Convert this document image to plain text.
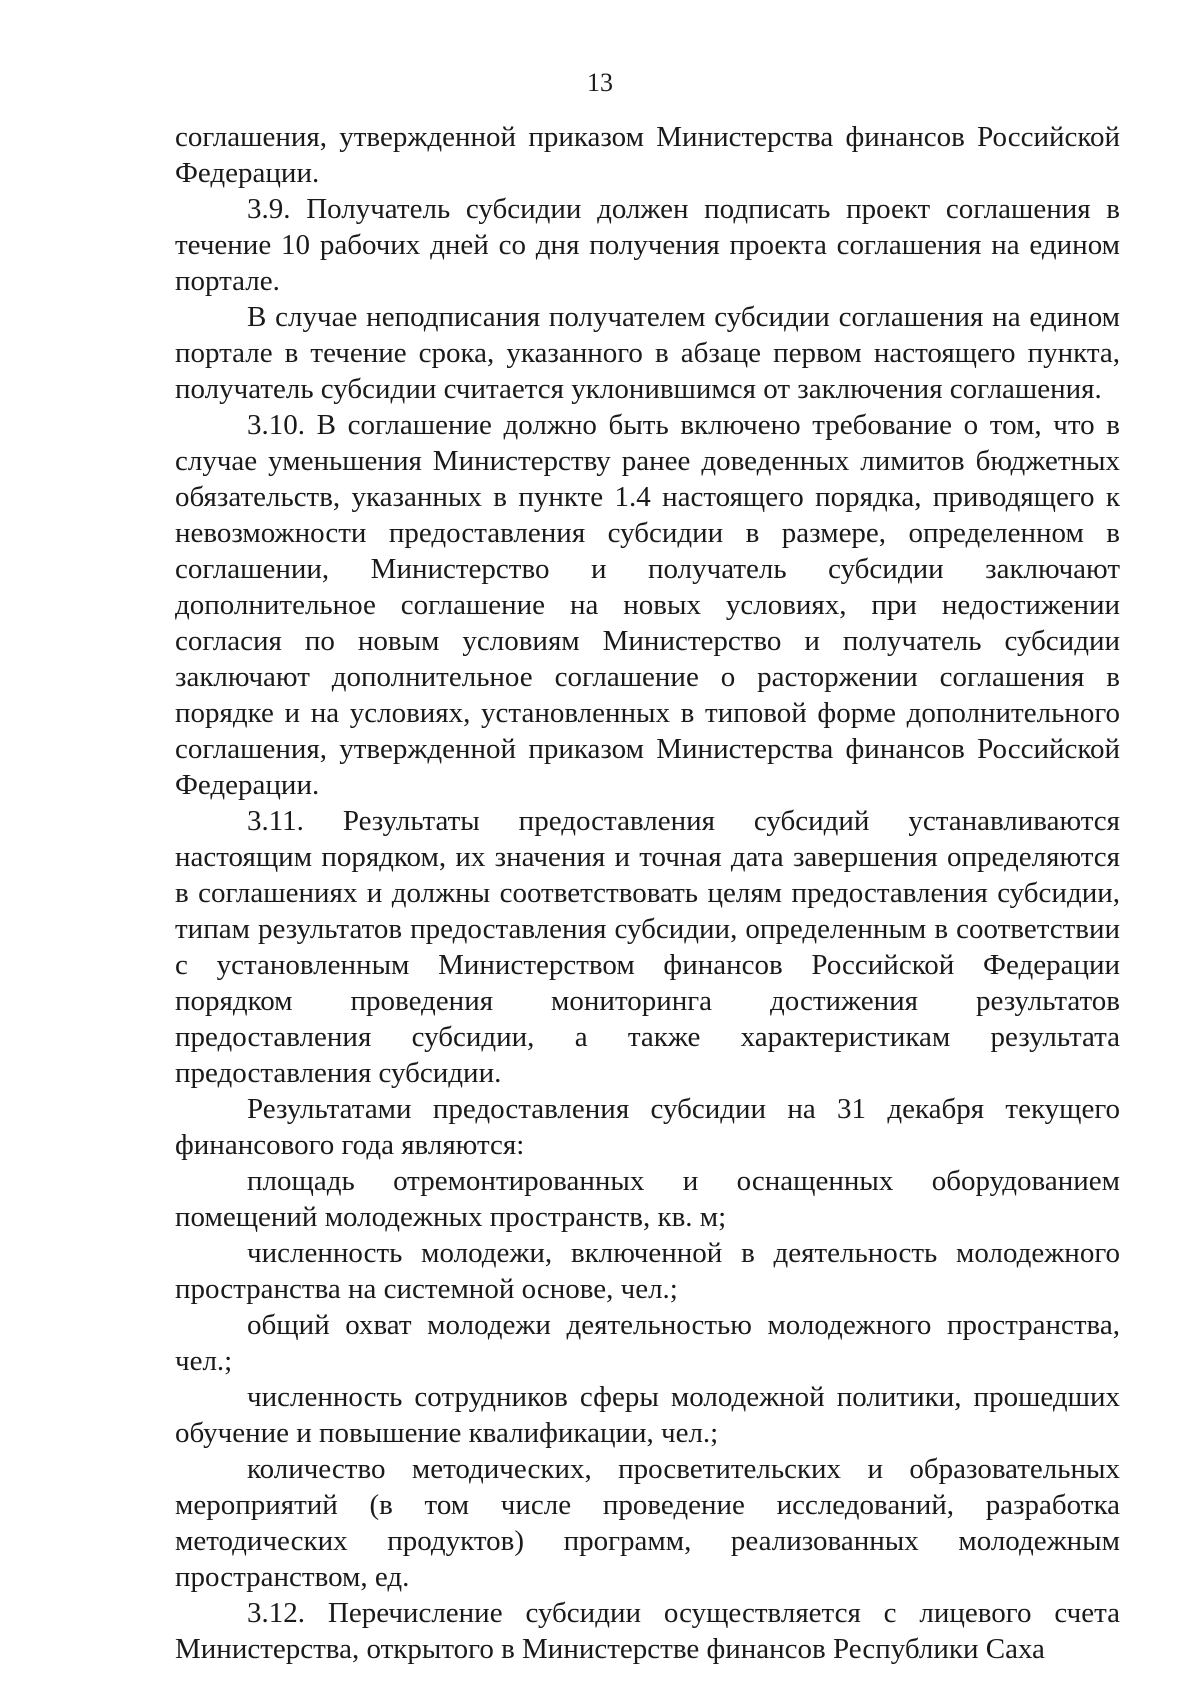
13

соглашения, утвержденной приказом Министерства финансов Российской Федерации.

3.9. Получатель субсидии должен подписать проект соглашения в течение 10 рабочих дней со дня получения проекта соглашения на едином портале.

В случае неподписания получателем субсидии соглашения на едином портале в течение срока, указанного в абзаце первом настоящего пункта, получатель субсидии считается уклонившимся от заключения соглашения.

3.10. В соглашение должно быть включено требование о том, что в случае уменьшения Министерству ранее доведенных лимитов бюджетных обязательств, указанных в пункте 1.4 настоящего порядка, приводящего к невозможности предоставления субсидии в размере, определенном в соглашении, Министерство и получатель субсидии заключают дополнительное соглашение на новых условиях, при недостижении согласия по новым условиям Министерство и получатель субсидии заключают дополнительное соглашение о расторжении соглашения в порядке и на условиях, установленных в типовой форме дополнительного соглашения, утвержденной приказом Министерства финансов Российской Федерации.

3.11. Результаты предоставления субсидий устанавливаются настоящим порядком, их значения и точная дата завершения определяются в соглашениях и должны соответствовать целям предоставления субсидии, типам результатов предоставления субсидии, определенным в соответствии с установленным Министерством финансов Российской Федерации порядком проведения мониторинга достижения результатов предоставления субсидии, а также характеристикам результата предоставления субсидии.

Результатами предоставления субсидии на 31 декабря текущего финансового года являются:

площадь отремонтированных и оснащенных оборудованием помещений молодежных пространств, кв. м;

численность молодежи, включенной в деятельность молодежного пространства на системной основе, чел.;

общий охват молодежи деятельностью молодежного пространства, чел.;

численность сотрудников сферы молодежной политики, прошедших обучение и повышение квалификации, чел.;

количество методических, просветительских и образовательных мероприятий (в том числе проведение исследований, разработка методических продуктов) программ, реализованных молодежным пространством, ед.

3.12. Перечисление субсидии осуществляется с лицевого счета Министерства, открытого в Министерстве финансов Республики Саха
